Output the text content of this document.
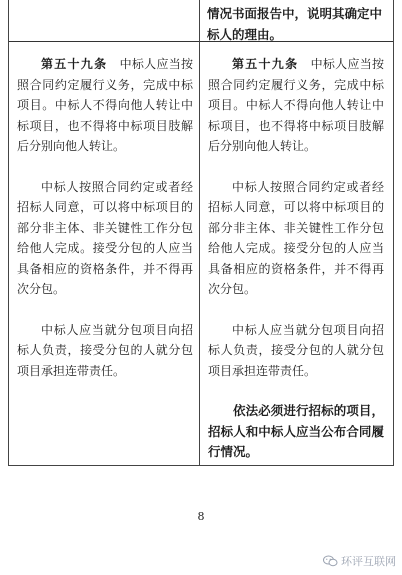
情况书面报告中，说明其确定中标人的理由。

第五十九条　中标人应当按照合同约定履行义务，完成中标项目。中标人不得向他人转让中标项目，也不得将中标项目肢解后分别向他人转让。

中标人按照合同约定或者经招标人同意，可以将中标项目的部分非主体、非关键性工作分包给他人完成。接受分包的人应当具备相应的资格条件，并不得再次分包。

中标人应当就分包项目向招标人负责，接受分包的人就分包项目承担连带责任。

第五十九条　中标人应当按照合同约定履行义务，完成中标项目。中标人不得向他人转让中标项目，也不得将中标项目肢解后分别向他人转让。

中标人按照合同约定或者经招标人同意，可以将中标项目的部分非主体、非关键性工作分包给他人完成。接受分包的人应当具备相应的资格条件，并不得再次分包。

中标人应当就分包项目向招标人负责，接受分包的人就分包项目承担连带责任。

依法必须进行招标的项目，招标人和中标人应当公布合同履行情况。

8
环评互联网
